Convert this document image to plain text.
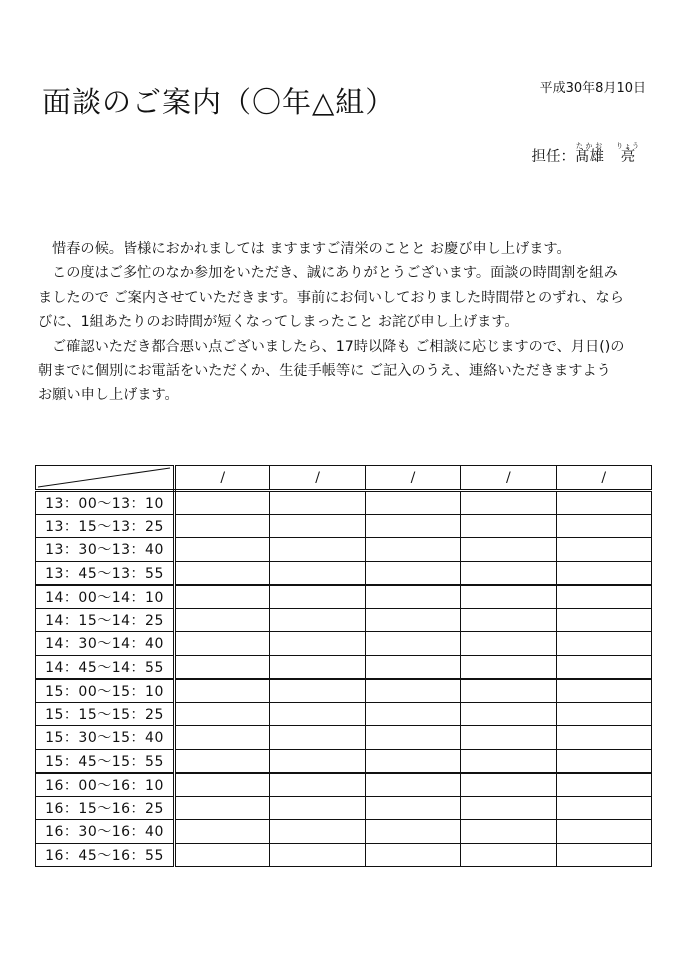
面談のご案内（〇年△組）	平成30年8月10日
担任：髙雄たかお亮りょう

惜春の候。皆様におかれましては ますますご清栄のことと お慶び申し上げます。

この度はご多忙のなか参加をいただき、誠にありがとうございます。面談の時間割を組み

ましたので ご案内させていただきます。事前にお伺いしておりました時間帯とのずれ、なら

びに、1組あたりのお時間が短くなってしまったこと お詫び申し上げます。

ご確認いただき都合悪い点ございましたら、17時以降も ご相談に応じますので、月日()の

朝までに個別にお電話をいただくか、生徒手帳等に ご記入のうえ、連絡いただきますよう

お願い申し上げます。

	/	/	/	/	/
13：00〜13：10					
13：15〜13：25					
13：30〜13：40					
13：45〜13：55					
14：00〜14：10					
14：15〜14：25					
14：30〜14：40					
14：45〜14：55					
15：00〜15：10					
15：15〜15：25					
15：30〜15：40					
15：45〜15：55					
16：00〜16：10					
16：15〜16：25					
16：30〜16：40					
16：45〜16：55					
